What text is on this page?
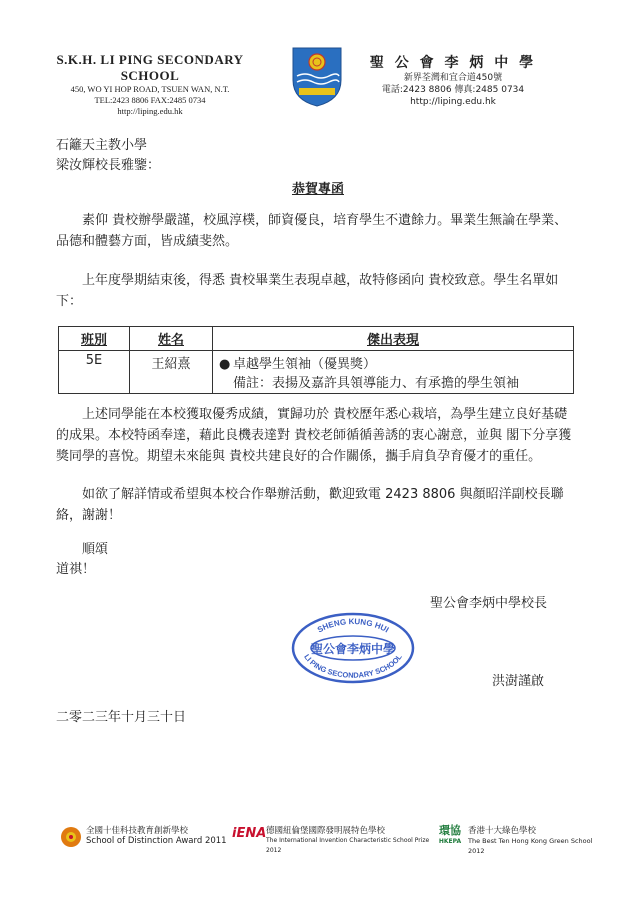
S.K.H. LI PING SECONDARY SCHOOL
450, WO YI HOP ROAD, TSUEN WAN, N.T.
TEL:2423 8806 FAX:2485 0734
http://liping.edu.hk
聖 公 會 李 炳 中 學
新界荃灣和宜合道450號
電話:2423 8806 傳真:2485 0734
http://liping.edu.hk
石籬天主教小學
梁汝輝校長雅鑒：
恭賀專函
素仰 貴校辦學嚴謹，校風淳樸，師資優良，培育學生不遺餘力。畢業生無論在學業、品德和體藝方面，皆成績斐然。
上年度學期結束後，得悉 貴校畢業生表現卓越，故特修函向 貴校致意。學生名單如下：
班別	姓名	傑出表現
5E	王紹熹	● 卓越學生領袖（優異獎）
備註：表揚及嘉許具領導能力、有承擔的學生領袖
上述同學能在本校獲取優秀成績，實歸功於 貴校歷年悉心栽培，為學生建立良好基礎的成果。本校特函奉達，藉此良機表達對 貴校老師循循善誘的衷心謝意，並與 閣下分享獲獎同學的喜悅。期望未來能與 貴校共建良好的合作關係，攜手肩負孕育優才的重任。
如欲了解詳情或希望與本校合作舉辦活動，歡迎致電 2423 8806 與顏昭洋副校長聯絡，謝謝！
順頌
道祺！
聖公會李炳中學校長
SHENG KUNG HUI
聖公會李炳中學
LI PING SECONDARY SCHOOL
洪澍謹啟
二零二三年十月三十日
全國十佳科技教育創新學校
School of Distinction Award 2011 iENA 德國紐倫堡國際發明展特色學校
The International Invention Characteristic School Prize 2012
環協
HKEPA
香港十大綠色學校
The Best Ten Hong Kong Green School 2012
